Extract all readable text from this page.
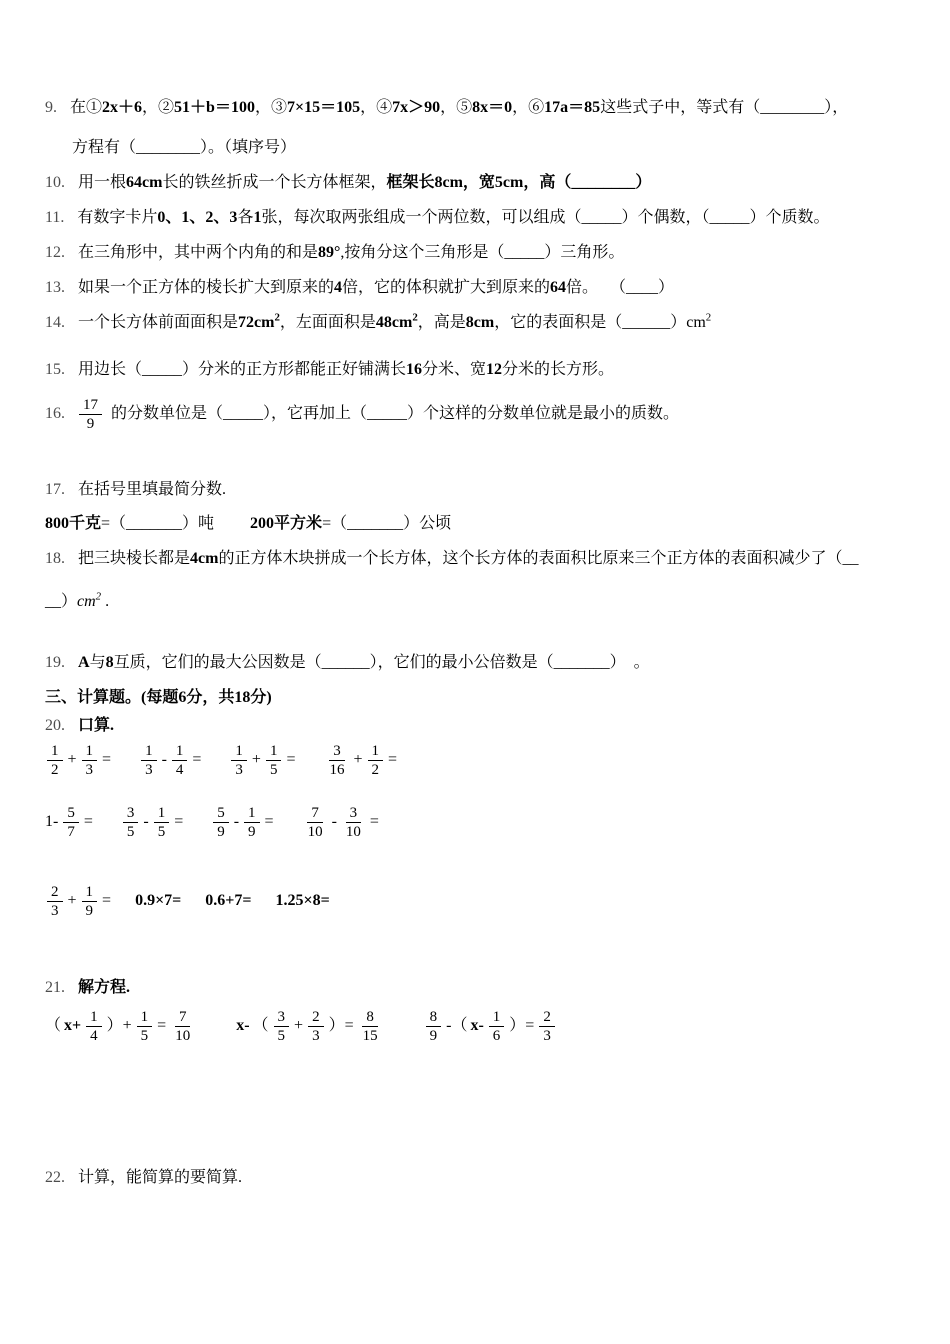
9. 在①2x＋6，②51＋b＝100，③7×15＝105，④7x＞90，⑤8x＝0，⑥17a＝85这些式子中，等式有（________），
方程有（________）。（填序号）
10. 用一根64cm长的铁丝折成一个长方体框架，框架长8cm，宽5cm，高（________）
11. 有数字卡片0、1、2、3各1张，每次取两张组成一个两位数，可以组成（_____）个偶数，（_____）个质数。
12. 在三角形中，其中两个内角的和是89°,按角分这个三角形是（_____）三角形。
13. 如果一个正方体的棱长扩大到原来的4倍，它的体积就扩大到原来的64倍。　 （____）
14. 一个长方体前面面积是$72cm^2$，左面面积是$48cm^2$，高是8cm，它的表面积是$(\_\_\_\_\_\_)cm^2$
15. 用边长（_____）分米的正方形都能正好铺满长16分米、宽12分米的长方形。
16. $\frac{17}{9}$ 的分数单位是（_____），它再加上（_____）个这样的分数单位就是最小的质数。
17. 在括号里填最简分数.
800千克=（_______）吨　　 200平方米=（_______）公顷
18. 把三块棱长都是4cm的正方体木块拼成一个长方体，这个长方体的表面积比原来三个正方体的表面积减少了（__
$\_\_)cm^2$ .
19. A与8互质，它们的最大公因数是（______），它们的最小公倍数是（_______）　。
三、计算题。(每题6分，共18分)
20. 口算.
$\frac{1}{2} + \frac{1}{3} = \frac{1}{3} - \frac{1}{4} = \frac{1}{3} + \frac{1}{5} = \frac{3}{16} + \frac{1}{2}$ =
$1- \frac{5}{7} = \frac{3}{5} - \frac{1}{5} = \frac{5}{9} - \frac{1}{9} = \frac{7}{10} - \frac{3}{10}$ =
$\frac{2}{3} + \frac{1}{9} = 0.9\times 7= 0.6+7= 1.25\times 8=$
21. 解方程.
（ $x+ \frac{1}{4}$ ）+ $\frac{1}{5} = \frac{7}{10}$	x- （ $\frac{3}{5} + \frac{2}{3}$ ）= $\frac{8}{15}$	$\frac{8}{9}$ -（ $x- \frac{1}{6}$ ）= $\frac{2}{3}$
22. 计算，能简算的要简算.
